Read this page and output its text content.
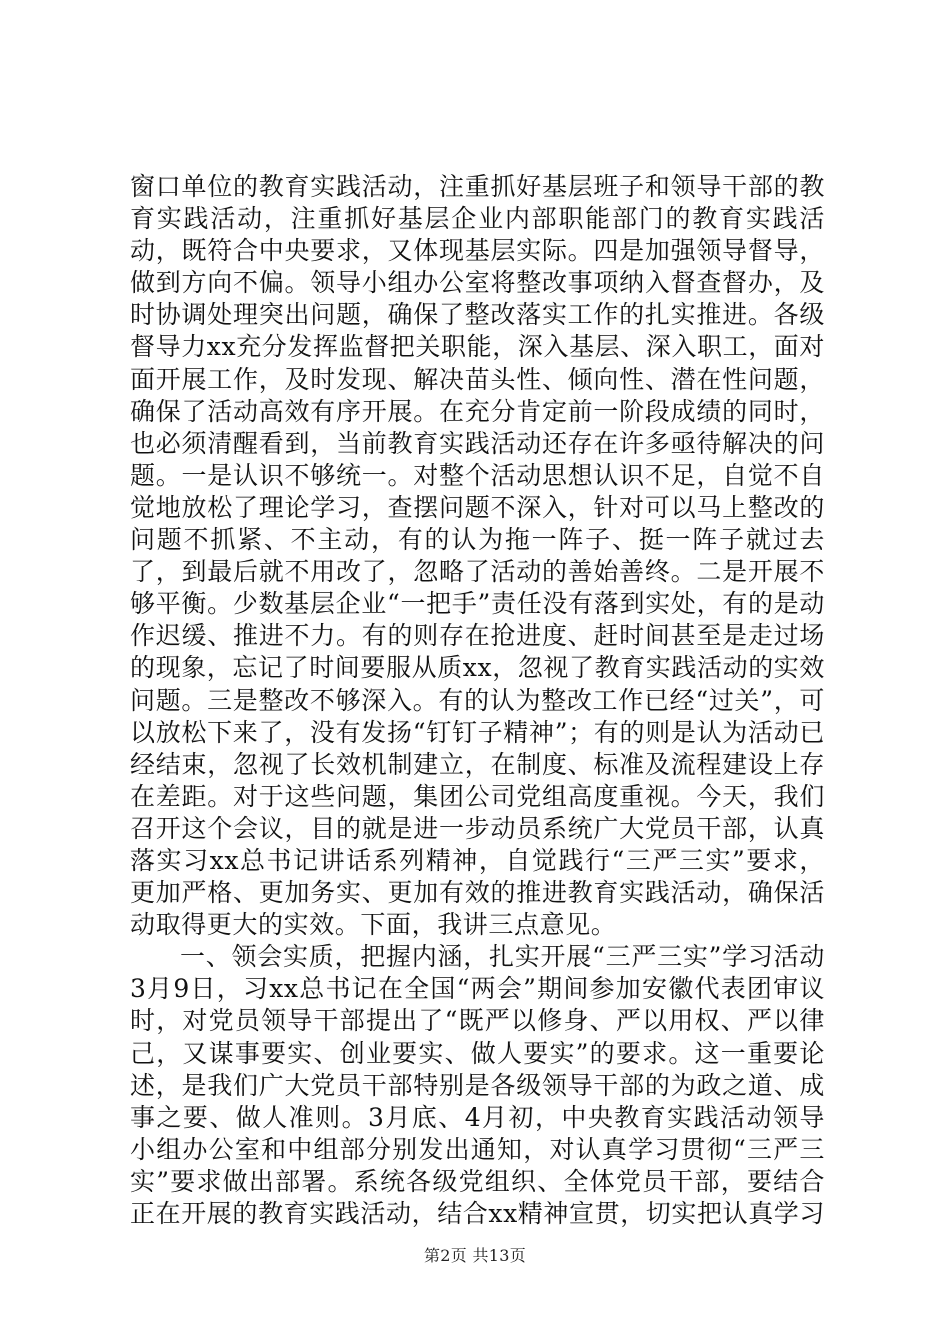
窗口单位的教育实践活动，注重抓好基层班子和领导干部的教育实践活动，注重抓好基层企业内部职能部门的教育实践活动，既符合中央要求，又体现基层实际。四是加强领导督导，做到方向不偏。领导小组办公室将整改事项纳入督查督办，及时协调处理突出问题，确保了整改落实工作的扎实推进。各级督导力xx充分发挥监督把关职能，深入基层、深入职工，面对面开展工作，及时发现、解决苗头性、倾向性、潜在性问题，确保了活动高效有序开展。在充分肯定前一阶段成绩的同时，也必须清醒看到，当前教育实践活动还存在许多亟待解决的问题。一是认识不够统一。对整个活动思想认识不足，自觉不自觉地放松了理论学习，查摆问题不深入，针对可以马上整改的问题不抓紧、不主动，有的认为拖一阵子、挺一阵子就过去了，到最后就不用改了，忽略了活动的善始善终。二是开展不够平衡。少数基层企业“一把手”责任没有落到实处，有的是动作迟缓、推进不力。有的则存在抢进度、赶时间甚至是走过场的现象，忘记了时间要服从质xx，忽视了教育实践活动的实效问题。三是整改不够深入。有的认为整改工作已经“过关”，可以放松下来了，没有发扬“钉钉子精神”；有的则是认为活动已经结束，忽视了长效机制建立，在制度、标准及流程建设上存在差距。对于这些问题，集团公司党组高度重视。今天，我们召开这个会议，目的就是进一步动员系统广大党员干部，认真落实习xx总书记讲话系列精神，自觉践行“三严三实”要求，更加严格、更加务实、更加有效的推进教育实践活动，确保活动取得更大的实效。下面，我讲三点意见。

一、领会实质，把握内涵，扎实开展“三严三实”学习活动3月9日，习xx总书记在全国“两会”期间参加安徽代表团审议时，对党员领导干部提出了“既严以修身、严以用权、严以律己，又谋事要实、创业要实、做人要实”的要求。这一重要论述，是我们广大党员干部特别是各级领导干部的为政之道、成事之要、做人准则。3月底、4月初，中央教育实践活动领导小组办公室和中组部分别发出通知，对认真学习贯彻“三严三实”要求做出部署。系统各级党组织、全体党员干部，要结合正在开展的教育实践活动，结合xx精神宣贯，切实把认真学习

第2页 共13页
